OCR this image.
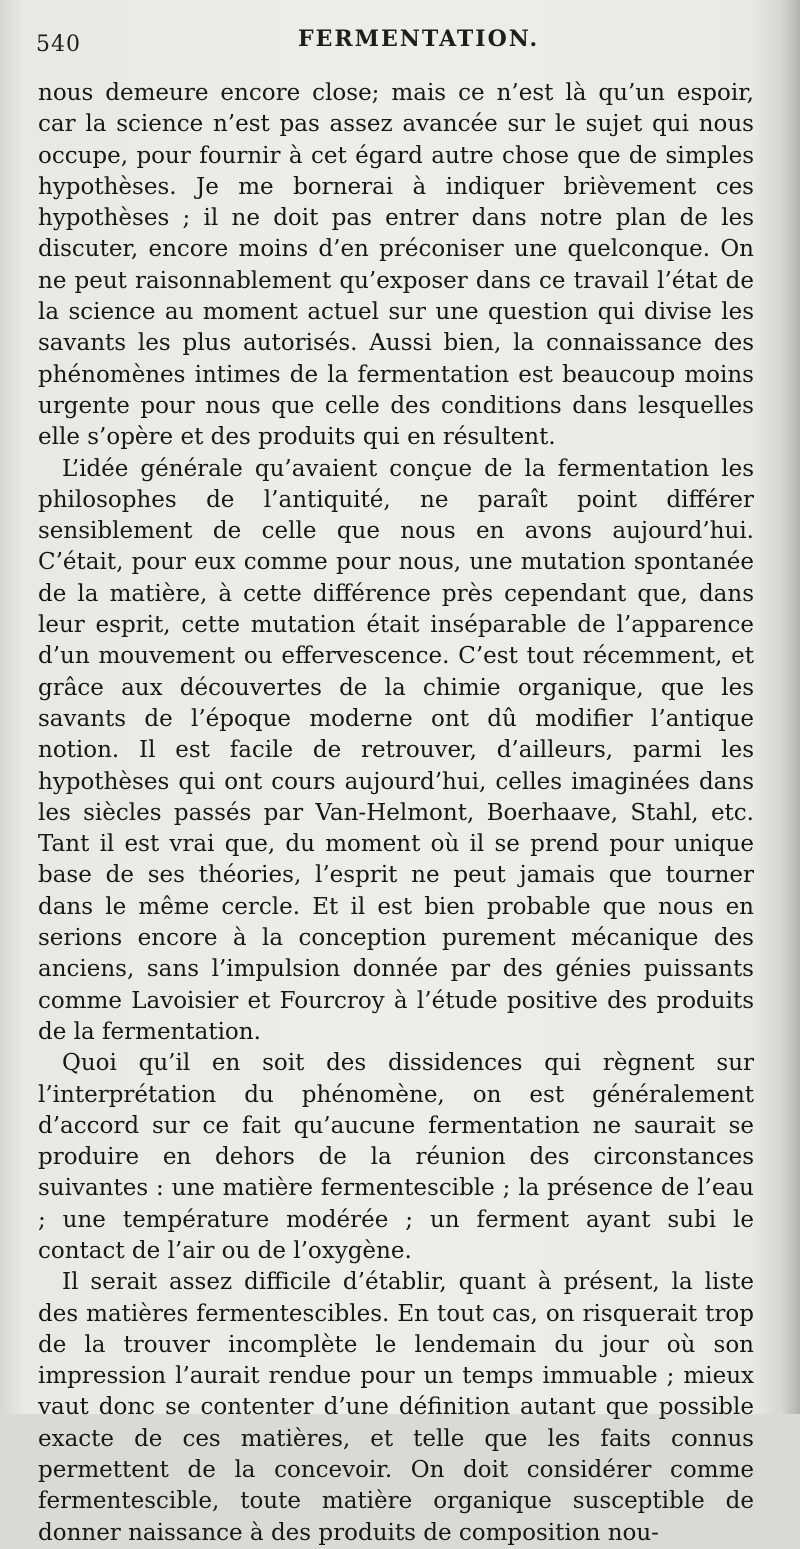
540	FERMENTATION.

nous demeure encore close; mais ce n’est là qu’un espoir, car la science n’est pas assez avancée sur le sujet qui nous occupe, pour fournir à cet égard autre chose que de simples hypothèses. Je me bornerai à indiquer brièvement ces hypothèses ; il ne doit pas entrer dans notre plan de les discuter, encore moins d’en préconiser une quelconque. On ne peut raisonnablement qu’exposer dans ce travail l’état de la science au moment actuel sur une question qui divise les savants les plus autorisés. Aussi bien, la connaissance des phénomènes intimes de la fermentation est beaucoup moins urgente pour nous que celle des conditions dans lesquelles elle s’opère et des produits qui en résultent.

L’idée générale qu’avaient conçue de la fermentation les philosophes de l’antiquité, ne paraît point différer sensiblement de celle que nous en avons aujourd’hui. C’était, pour eux comme pour nous, une mutation spontanée de la matière, à cette différence près cependant que, dans leur esprit, cette mutation était inséparable de l’apparence d’un mouvement ou effervescence. C’est tout récemment, et grâce aux découvertes de la chimie organique, que les savants de l’époque moderne ont dû modifier l’antique notion. Il est facile de retrouver, d’ailleurs, parmi les hypothèses qui ont cours aujourd’hui, celles imaginées dans les siècles passés par Van-Helmont, Boerhaave, Stahl, etc. Tant il est vrai que, du moment où il se prend pour unique base de ses théories, l’esprit ne peut jamais que tourner dans le même cercle. Et il est bien probable que nous en serions encore à la conception purement mécanique des anciens, sans l’impulsion donnée par des génies puissants comme Lavoisier et Fourcroy à l’étude positive des produits de la fermentation.

Quoi qu’il en soit des dissidences qui règnent sur l’interprétation du phénomène, on est généralement d’accord sur ce fait qu’aucune fermentation ne saurait se produire en dehors de la réunion des circonstances suivantes : une matière fermentescible ; la présence de l’eau ; une température modérée ; un ferment ayant subi le contact de l’air ou de l’oxygène.

Il serait assez difficile d’établir, quant à présent, la liste des matières fermentescibles. En tout cas, on risquerait trop de la trouver incomplète le lendemain du jour où son impression l’aurait rendue pour un temps immuable ; mieux vaut donc se contenter d’une définition autant que possible exacte de ces matières, et telle que les faits connus permettent de la concevoir. On doit considérer comme fermentescible, toute matière organique susceptible de donner naissance à des produits de composition nou-
